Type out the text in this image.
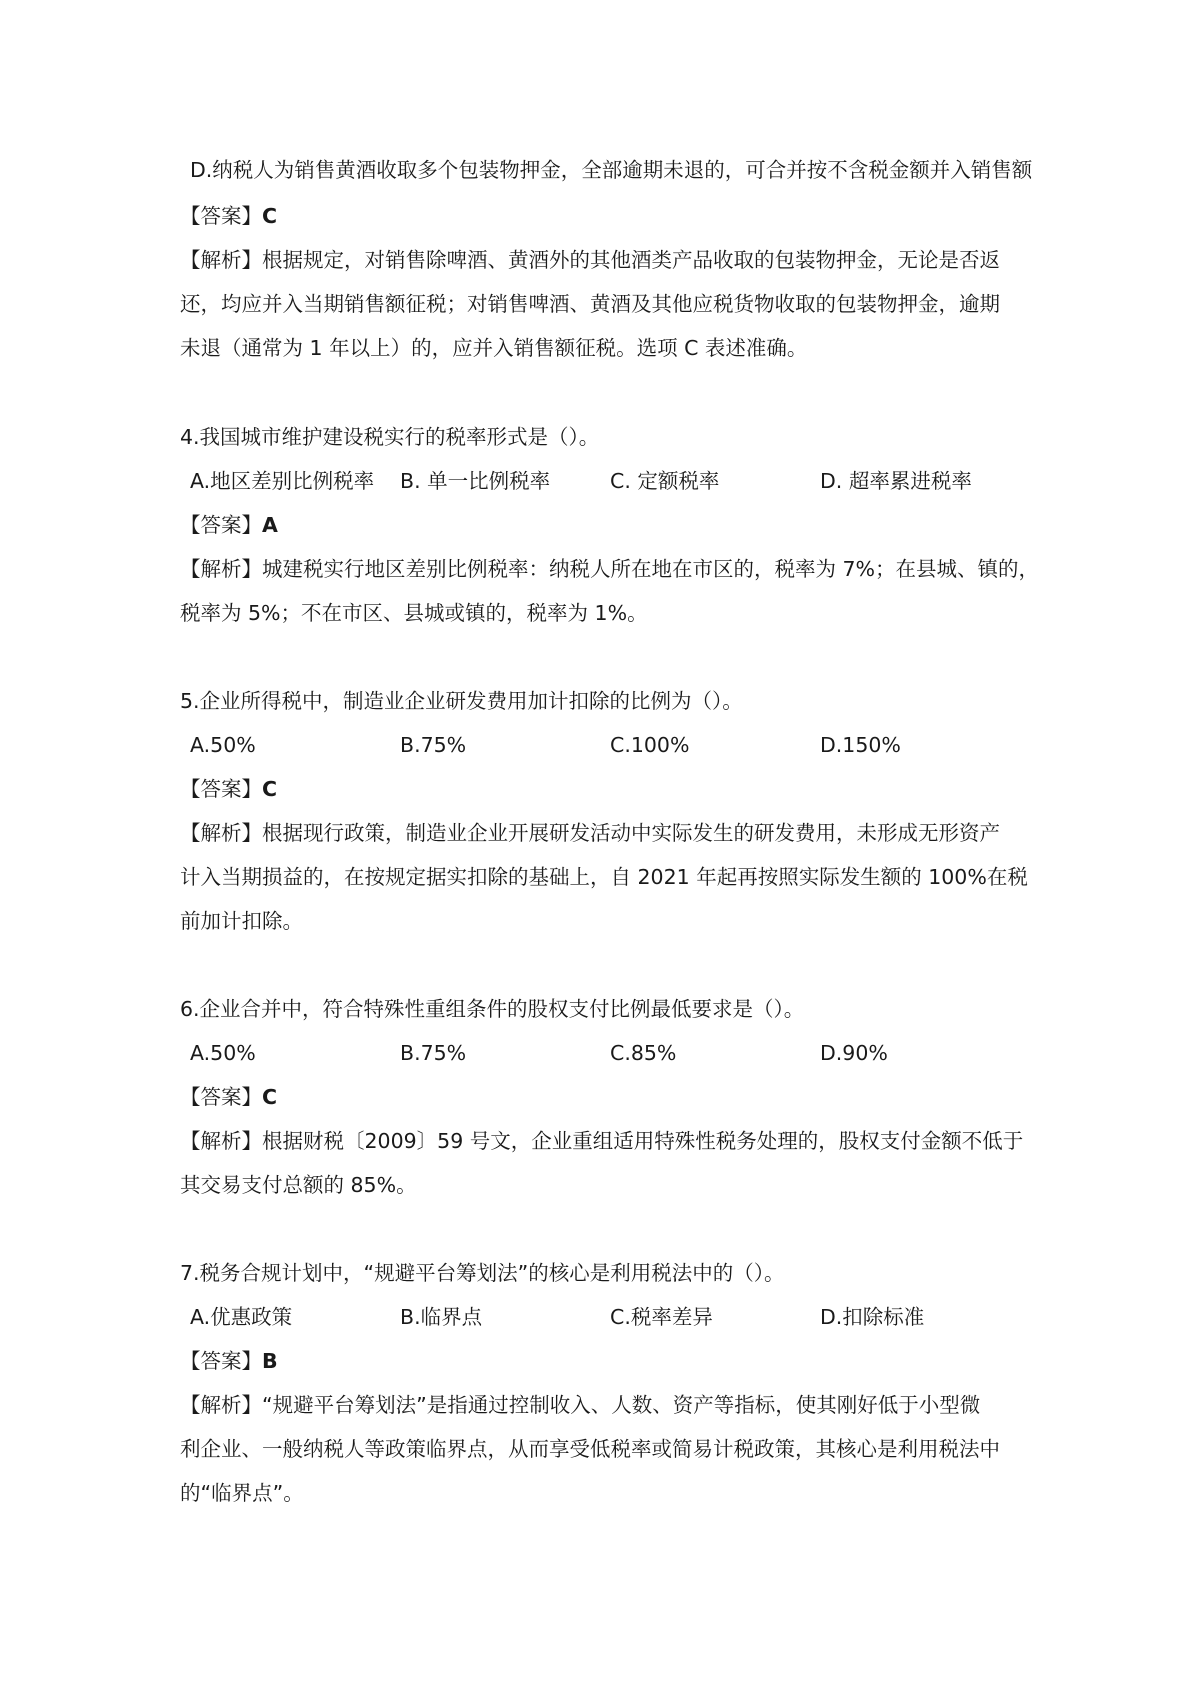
D.纳税人为销售黄酒收取多个包装物押金，全部逾期未退的，可合并按不含税金额并入销售额
【答案】C
【解析】根据规定，对销售除啤酒、黄酒外的其他酒类产品收取的包装物押金，无论是否返
还，均应并入当期销售额征税；对销售啤酒、黄酒及其他应税货物收取的包装物押金，逾期
未退（通常为 1 年以上）的，应并入销售额征税。选项 C 表述准确。
4.我国城市维护建设税实行的税率形式是（）。
A.地区差别比例税率 B. 单一比例税率	C. 定额税率	D. 超率累进税率
【答案】A
【解析】城建税实行地区差别比例税率：纳税人所在地在市区的，税率为 7%；在县城、镇的，
税率为 5%；不在市区、县城或镇的，税率为 1%。
5.企业所得税中，制造业企业研发费用加计扣除的比例为（）。
A.50%	B.75%	C.100%	D.150%
【答案】C
【解析】根据现行政策，制造业企业开展研发活动中实际发生的研发费用，未形成无形资产
计入当期损益的，在按规定据实扣除的基础上，自 2021 年起再按照实际发生额的 100%在税
前加计扣除。
6.企业合并中，符合特殊性重组条件的股权支付比例最低要求是（）。
A.50%	B.75%	C.85%	D.90%
【答案】C
【解析】根据财税〔2009〕59 号文，企业重组适用特殊性税务处理的，股权支付金额不低于
其交易支付总额的 85%。
7.税务合规计划中，“规避平台筹划法”的核心是利用税法中的（）。
A.优惠政策	B.临界点	C.税率差异	D.扣除标准
【答案】B
【解析】“规避平台筹划法”是指通过控制收入、人数、资产等指标，使其刚好低于小型微
利企业、一般纳税人等政策临界点，从而享受低税率或简易计税政策，其核心是利用税法中
的“临界点”。
